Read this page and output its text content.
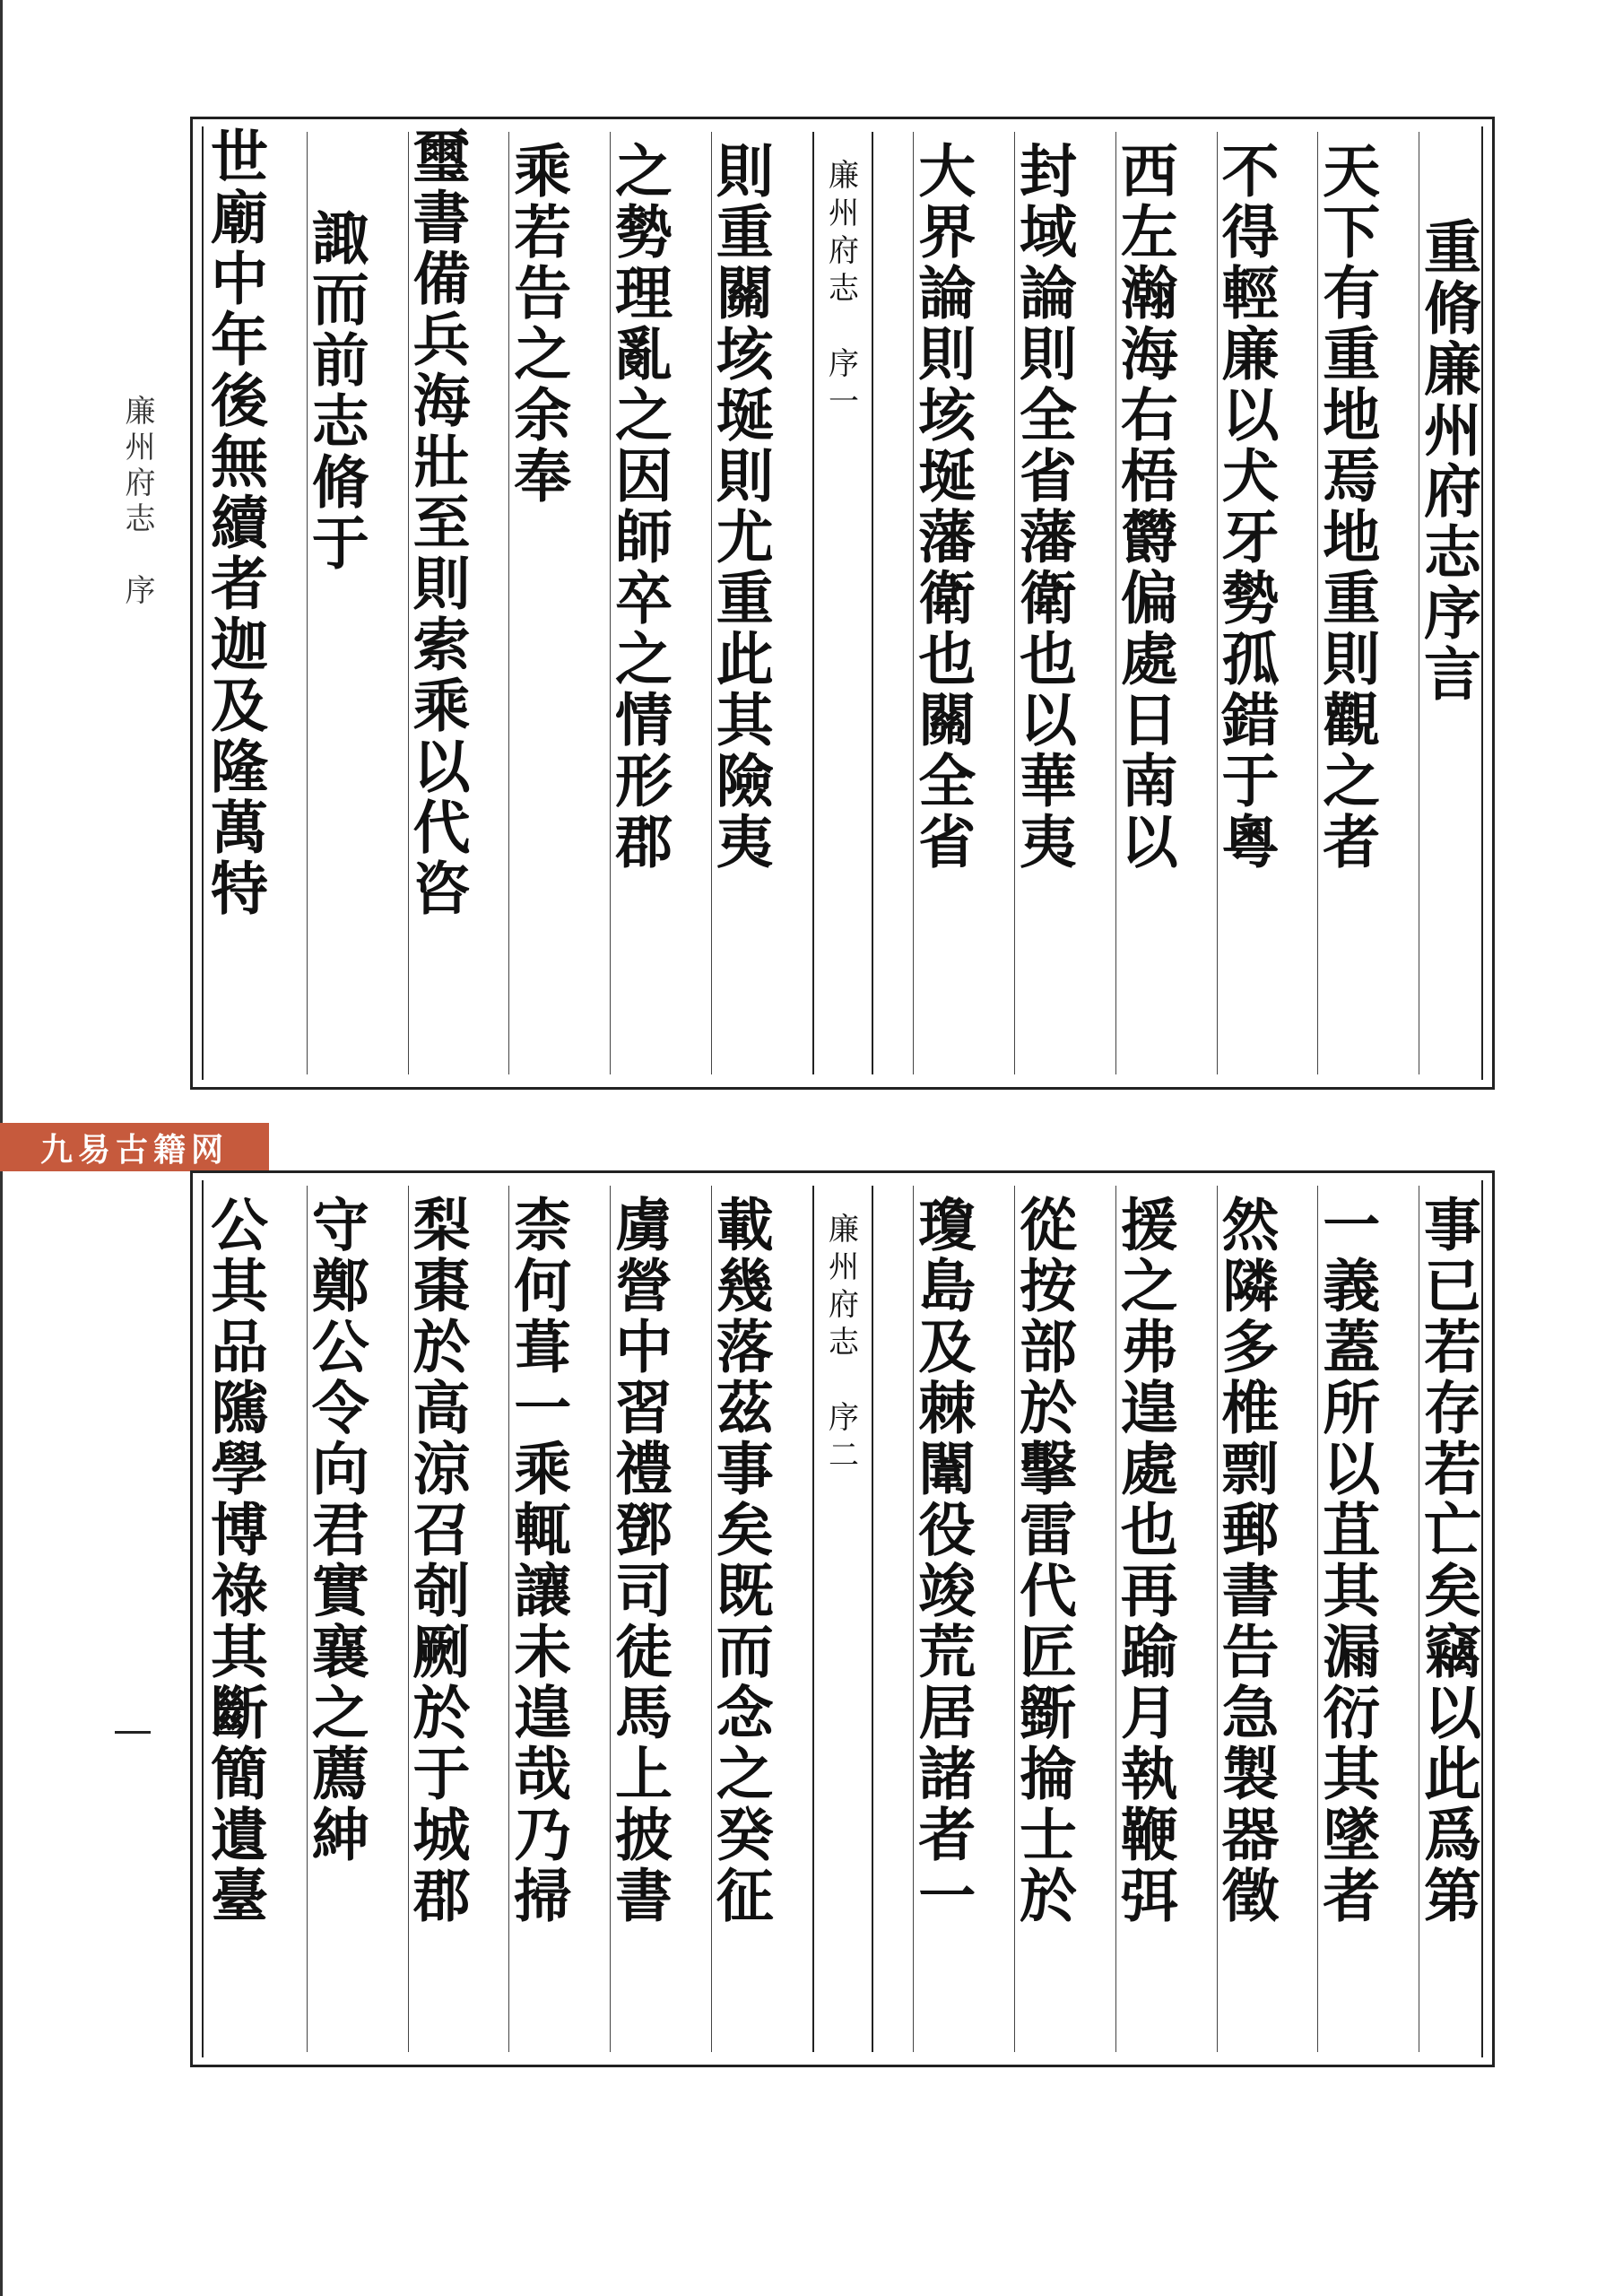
廉州府志　序
九易古籍网
重脩廉州府志序言
天下有重地焉地重則觀之者
不得輕廉以犬牙勢孤錯于粵
西左瀚海右梧欝偏處日南以
封域論則全省藩衛也以華夷
大界論則垓埏藩衛也關全省
廉州府志　序一
則重關垓埏則尤重此其險夷
之勢理亂之因師卒之情形郡
乘若告之余奉
璽書備兵海壯至則索乘以代咨
諏而前志脩于
世廟中年後無續者迦及隆萬特
事已若存若亡矣竊以此爲第
一義蓋所以苴其漏衍其墜者
然隣多椎剽郵書告急製器徵
援之弗遑處也再踰月執鞭弭
從按部於擊雷代匠斵掄士於
瓊島及棘闈役竣荒居諸者一
廉州府志　序二
載幾落茲事矣既而念之癸征
虜營中習禮鄧司徒馬上披書
柰何葺一乘輒讓未遑哉乃掃
梨棗於高涼召剞劂於于城郡
守鄭公令向君實襄之薦紳
公其品隲學博祿其斷簡遺臺
